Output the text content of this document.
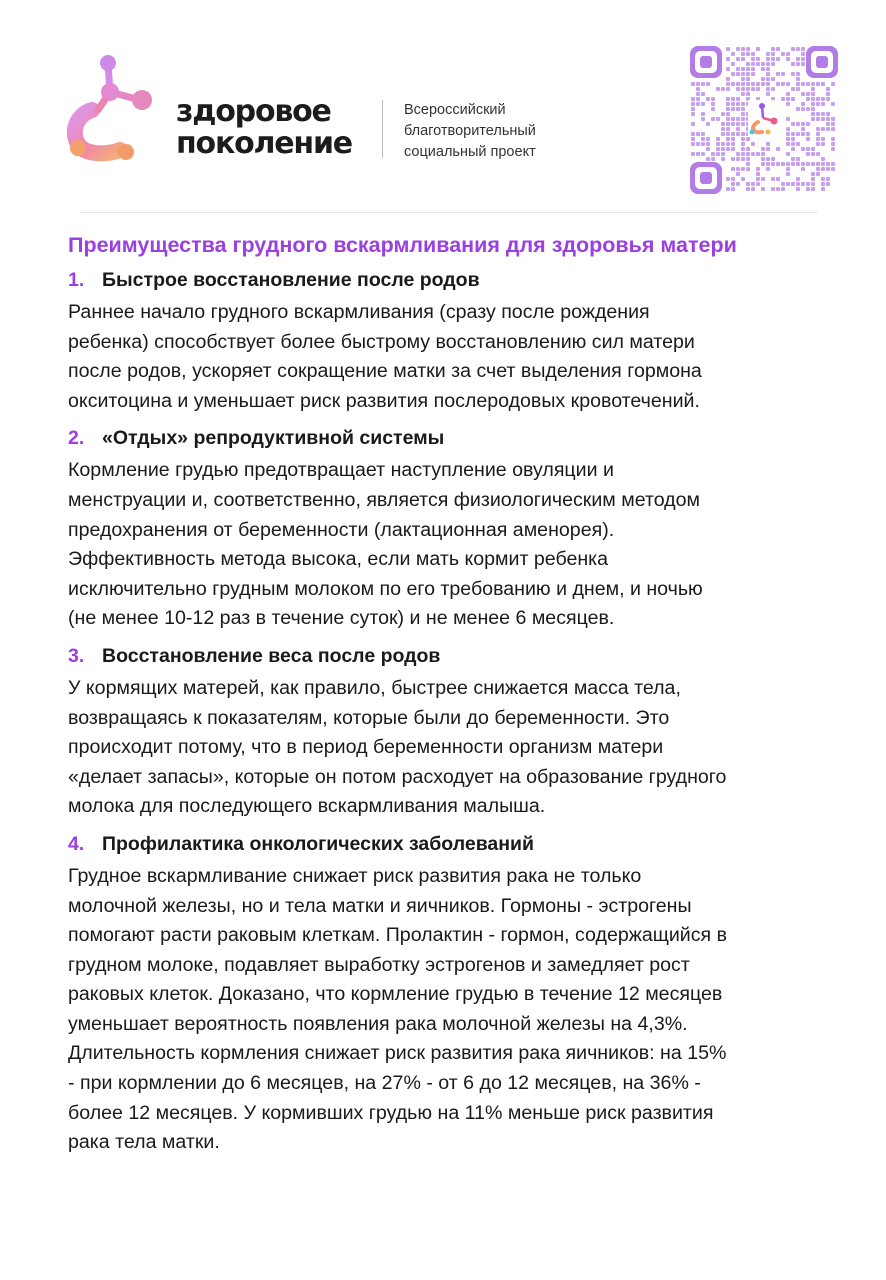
здоровое
поколение
Всероссийский
благотворительный
социальный проект
Преимущества грудного вскармливания для здоровья матери
1. Быстрое восстановление после родов
Раннее начало грудного вскармливания (сразу после рождения
ребенка) способствует более быстрому восстановлению сил матери
после родов, ускоряет сокращение матки за счет выделения гормона
окситоцина и уменьшает риск развития послеродовых кровотечений.
2. «Отдых» репродуктивной системы
Кормление грудью предотвращает наступление овуляции и
менструации и, соответственно, является физиологическим методом
предохранения от беременности (лактационная аменорея).
Эффективность метода высока, если мать кормит ребенка
исключительно грудным молоком по его требованию и днем, и ночью
(не менее 10-12 раз в течение суток) и не менее 6 месяцев.
3. Восстановление веса после родов
У кормящих матерей, как правило, быстрее снижается масса тела,
возвращаясь к показателям, которые были до беременности. Это
происходит потому, что в период беременности организм матери
«делает запасы», которые он потом расходует на образование грудного
молока для последующего вскармливания малыша.
4. Профилактика онкологических заболеваний
Грудное вскармливание снижает риск развития рака не только
молочной железы, но и тела матки и яичников. Гормоны - эстрогены
помогают расти раковым клеткам. Пролактин - гормон, содержащийся в
грудном молоке, подавляет выработку эстрогенов и замедляет рост
раковых клеток. Доказано, что кормление грудью в течение 12 месяцев
уменьшает вероятность появления рака молочной железы на 4,3%.
Длительность кормления снижает риск развития рака яичников: на 15%
- при кормлении до 6 месяцев, на 27% - от 6 до 12 месяцев, на 36% -
более 12 месяцев. У кормивших грудью на 11% меньше риск развития
рака тела матки.
